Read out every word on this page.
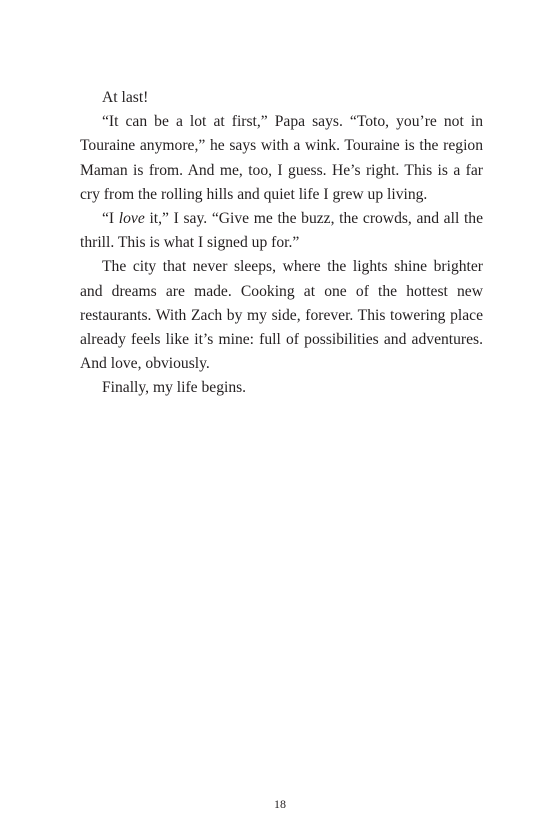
At last!

“It can be a lot at first,” Papa says. “Toto, you’re not in Touraine anymore,” he says with a wink. Touraine is the region Maman is from. And me, too, I guess. He’s right. This is a far cry from the rolling hills and quiet life I grew up living.

“I love it,” I say. “Give me the buzz, the crowds, and all the thrill. This is what I signed up for.”

The city that never sleeps, where the lights shine brighter and dreams are made. Cooking at one of the hottest new restaurants. With Zach by my side, forever. This towering place already feels like it’s mine: full of possibilities and adventures. And love, obviously.

Finally, my life begins.

18
